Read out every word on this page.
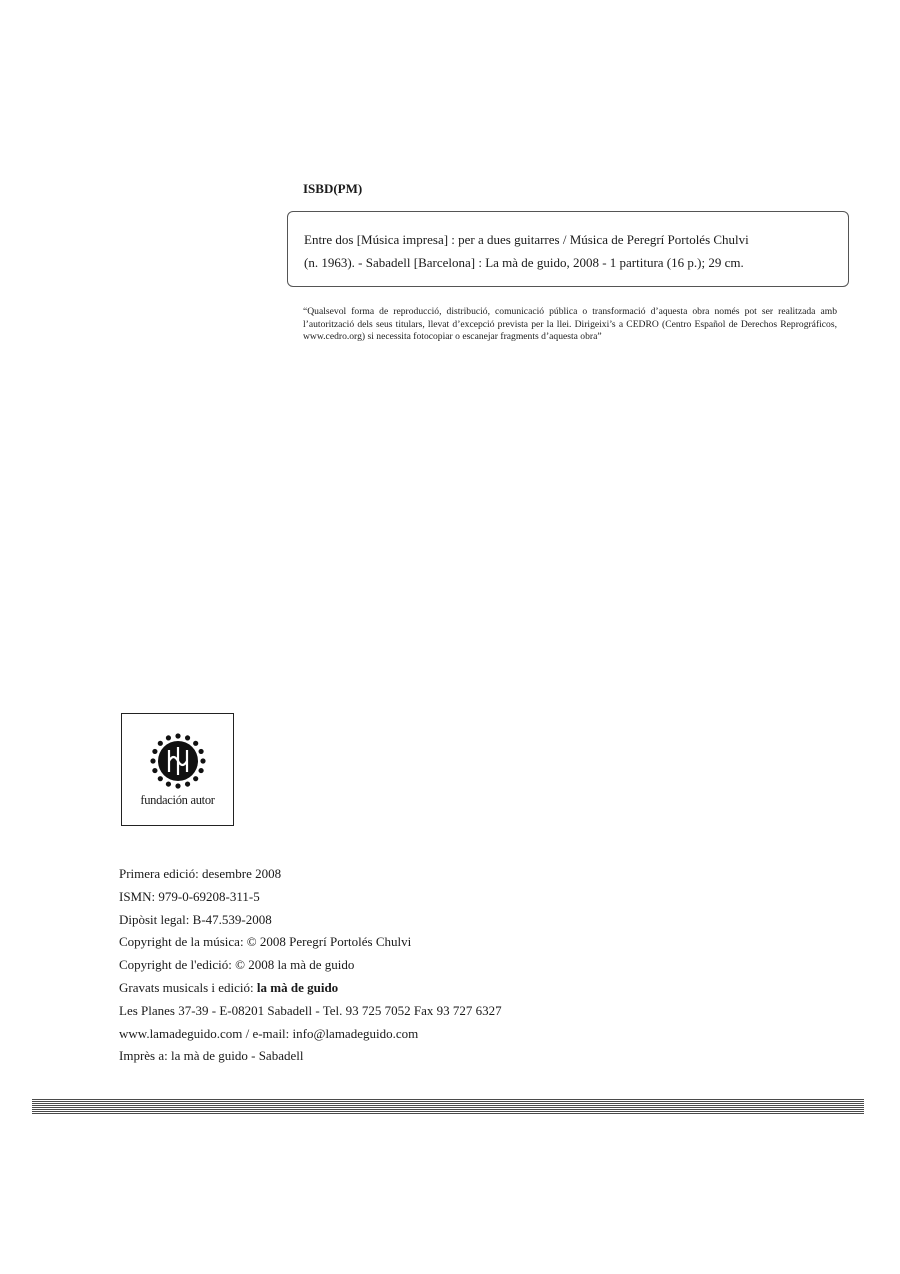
ISBD(PM)

Entre dos [Música impresa] : per a dues guitarres / Música de Peregrí Portolés Chulvi

(n. 1963). - Sabadell [Barcelona] : La mà de guido, 2008 - 1 partitura (16 p.); 29 cm.

“Qualsevol forma de reproducció, distribució, comunicació pública o transformació d’aquesta obra només pot ser realitzada amb l’autorització dels seus titulars, llevat d’excepció prevista per la llei. Dirigeixi’s a CEDRO (Centro Español de Derechos Reprográficos, www.cedro.org) si necessita fotocopiar o escanejar fragments d’aquesta obra”

fundación autor
Primera edició: desembre 2008
ISMN: 979-0-69208-311-5
Dipòsit legal: B-47.539-2008
Copyright de la música: © 2008 Peregrí Portolés Chulvi
Copyright de l'edició: © 2008 la mà de guido
Gravats musicals i edició: la mà de guido
Les Planes 37-39 - E-08201 Sabadell - Tel. 93 725 7052 Fax 93 727 6327
www.lamadeguido.com / e-mail: info@lamadeguido.com
Imprès a: la mà de guido - Sabadell
